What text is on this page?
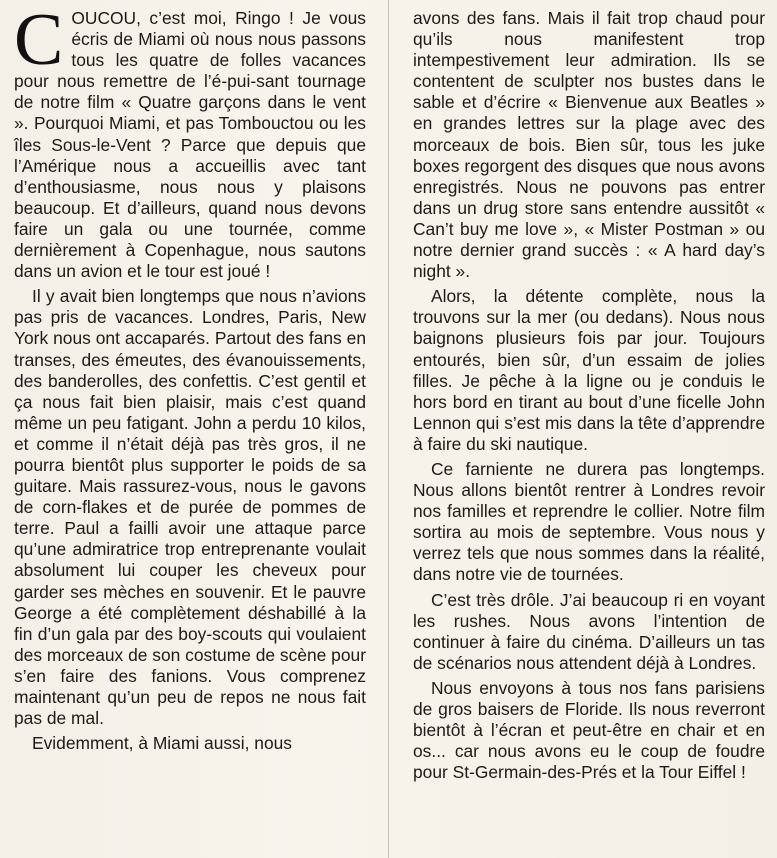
COUCOU, c’est moi, Ringo ! Je vous écris de Miami où nous nous passons tous les quatre de folles vacances pour nous remettre de l’é-pui-sant tournage de notre film « Quatre garçons dans le vent ». Pourquoi Miami, et pas Tombouctou ou les îles Sous-le-Vent ? Parce que depuis que l’Amérique nous a accueillis avec tant d’enthousiasme, nous nous y plaisons beaucoup. Et d’ailleurs, quand nous devons faire un gala ou une tournée, comme dernièrement à Copenhague, nous sautons dans un avion et le tour est joué !

Il y avait bien longtemps que nous n’avions pas pris de vacances. Londres, Paris, New York nous ont accaparés. Partout des fans en transes, des émeutes, des évanouissements, des banderolles, des confettis. C’est gentil et ça nous fait bien plaisir, mais c’est quand même un peu fatigant. John a perdu 10 kilos, et comme il n’était déjà pas très gros, il ne pourra bientôt plus supporter le poids de sa guitare. Mais rassurez-vous, nous le gavons de corn-flakes et de purée de pommes de terre. Paul a failli avoir une attaque parce qu’une admiratrice trop entreprenante voulait absolument lui couper les cheveux pour garder ses mèches en souvenir. Et le pauvre George a été complètement déshabillé à la fin d’un gala par des boy-scouts qui voulaient des morceaux de son costume de scène pour s’en faire des fanions. Vous comprenez maintenant qu’un peu de repos ne nous fait pas de mal.

Evidemment, à Miami aussi, nous

avons des fans. Mais il fait trop chaud pour qu’ils nous manifestent trop intempestivement leur admiration. Ils se contentent de sculpter nos bustes dans le sable et d’écrire « Bienvenue aux Beatles » en grandes lettres sur la plage avec des morceaux de bois. Bien sûr, tous les juke boxes regorgent des disques que nous avons enregistrés. Nous ne pouvons pas entrer dans un drug store sans entendre aussitôt « Can’t buy me love », « Mister Postman » ou notre dernier grand succès : « A hard day’s night ».

Alors, la détente complète, nous la trouvons sur la mer (ou dedans). Nous nous baignons plusieurs fois par jour. Toujours entourés, bien sûr, d’un essaim de jolies filles. Je pêche à la ligne ou je conduis le hors bord en tirant au bout d’une ficelle John Lennon qui s’est mis dans la tête d’apprendre à faire du ski nautique.

Ce farniente ne durera pas longtemps. Nous allons bientôt rentrer à Londres revoir nos familles et reprendre le collier. Notre film sortira au mois de septembre. Vous nous y verrez tels que nous sommes dans la réalité, dans notre vie de tournées.

C’est très drôle. J’ai beaucoup ri en voyant les rushes. Nous avons l’intention de continuer à faire du cinéma. D’ailleurs un tas de scénarios nous attendent déjà à Londres.

Nous envoyons à tous nos fans parisiens de gros baisers de Floride. Ils nous reverront bientôt à l’écran et peut-être en chair et en os... car nous avons eu le coup de foudre pour St-Germain-des-Prés et la Tour Eiffel !
